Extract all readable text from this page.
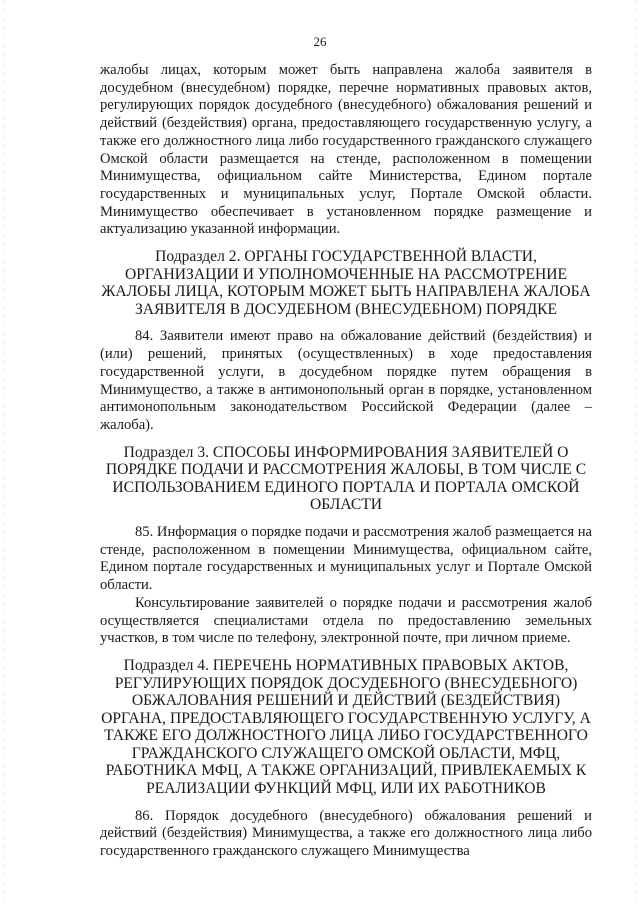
26

жалобы лицах, которым может быть направлена жалоба заявителя в досудебном (внесудебном) порядке, перечне нормативных правовых актов, регулирующих порядок досудебного (внесудебного) обжалования решений и действий (бездействия) органа, предоставляющего государственную услугу, а также его должностного лица либо государственного гражданского служащего Омской области размещается на стенде, расположенном в помещении Минимущества, официальном сайте Министерства, Едином портале государственных и муниципальных услуг, Портале Омской области. Минимущество обеспечивает в установленном порядке размещение и актуализацию указанной информации.

Подраздел 2. ОРГАНЫ ГОСУДАРСТВЕННОЙ ВЛАСТИ, ОРГАНИЗАЦИИ И УПОЛНОМОЧЕННЫЕ НА РАССМОТРЕНИЕ ЖАЛОБЫ ЛИЦА, КОТОРЫМ МОЖЕТ БЫТЬ НАПРАВЛЕНА ЖАЛОБА ЗАЯВИТЕЛЯ В ДОСУДЕБНОМ (ВНЕСУДЕБНОМ) ПОРЯДКЕ

84. Заявители имеют право на обжалование действий (бездействия) и (или) решений, принятых (осуществленных) в ходе предоставления государственной услуги, в досудебном порядке путем обращения в Минимущество, а также в антимонопольный орган в порядке, установленном антимонопольным законодательством Российской Федерации (далее – жалоба).

Подраздел 3. СПОСОБЫ ИНФОРМИРОВАНИЯ ЗАЯВИТЕЛЕЙ О ПОРЯДКЕ ПОДАЧИ И РАССМОТРЕНИЯ ЖАЛОБЫ, В ТОМ ЧИСЛЕ С ИСПОЛЬЗОВАНИЕМ ЕДИНОГО ПОРТАЛА И ПОРТАЛА ОМСКОЙ ОБЛАСТИ

85. Информация о порядке подачи и рассмотрения жалоб размещается на стенде, расположенном в помещении Минимущества, официальном сайте, Едином портале государственных и муниципальных услуг и Портале Омской области.

Консультирование заявителей о порядке подачи и рассмотрения жалоб осуществляется специалистами отдела по предоставлению земельных участков, в том числе по телефону, электронной почте, при личном приеме.

Подраздел 4. ПЕРЕЧЕНЬ НОРМАТИВНЫХ ПРАВОВЫХ АКТОВ, РЕГУЛИРУЮЩИХ ПОРЯДОК ДОСУДЕБНОГО (ВНЕСУДЕБНОГО) ОБЖАЛОВАНИЯ РЕШЕНИЙ И ДЕЙСТВИЙ (БЕЗДЕЙСТВИЯ) ОРГАНА, ПРЕДОСТАВЛЯЮЩЕГО ГОСУДАРСТВЕННУЮ УСЛУГУ, А ТАКЖЕ ЕГО ДОЛЖНОСТНОГО ЛИЦА ЛИБО ГОСУДАРСТВЕННОГО ГРАЖДАНСКОГО СЛУЖАЩЕГО ОМСКОЙ ОБЛАСТИ, МФЦ, РАБОТНИКА МФЦ, А ТАКЖЕ ОРГАНИЗАЦИЙ, ПРИВЛЕКАЕМЫХ К РЕАЛИЗАЦИИ ФУНКЦИЙ МФЦ, ИЛИ ИХ РАБОТНИКОВ

86. Порядок досудебного (внесудебного) обжалования решений и действий (бездействия) Минимущества, а также его должностного лица либо государственного гражданского служащего Минимущества
